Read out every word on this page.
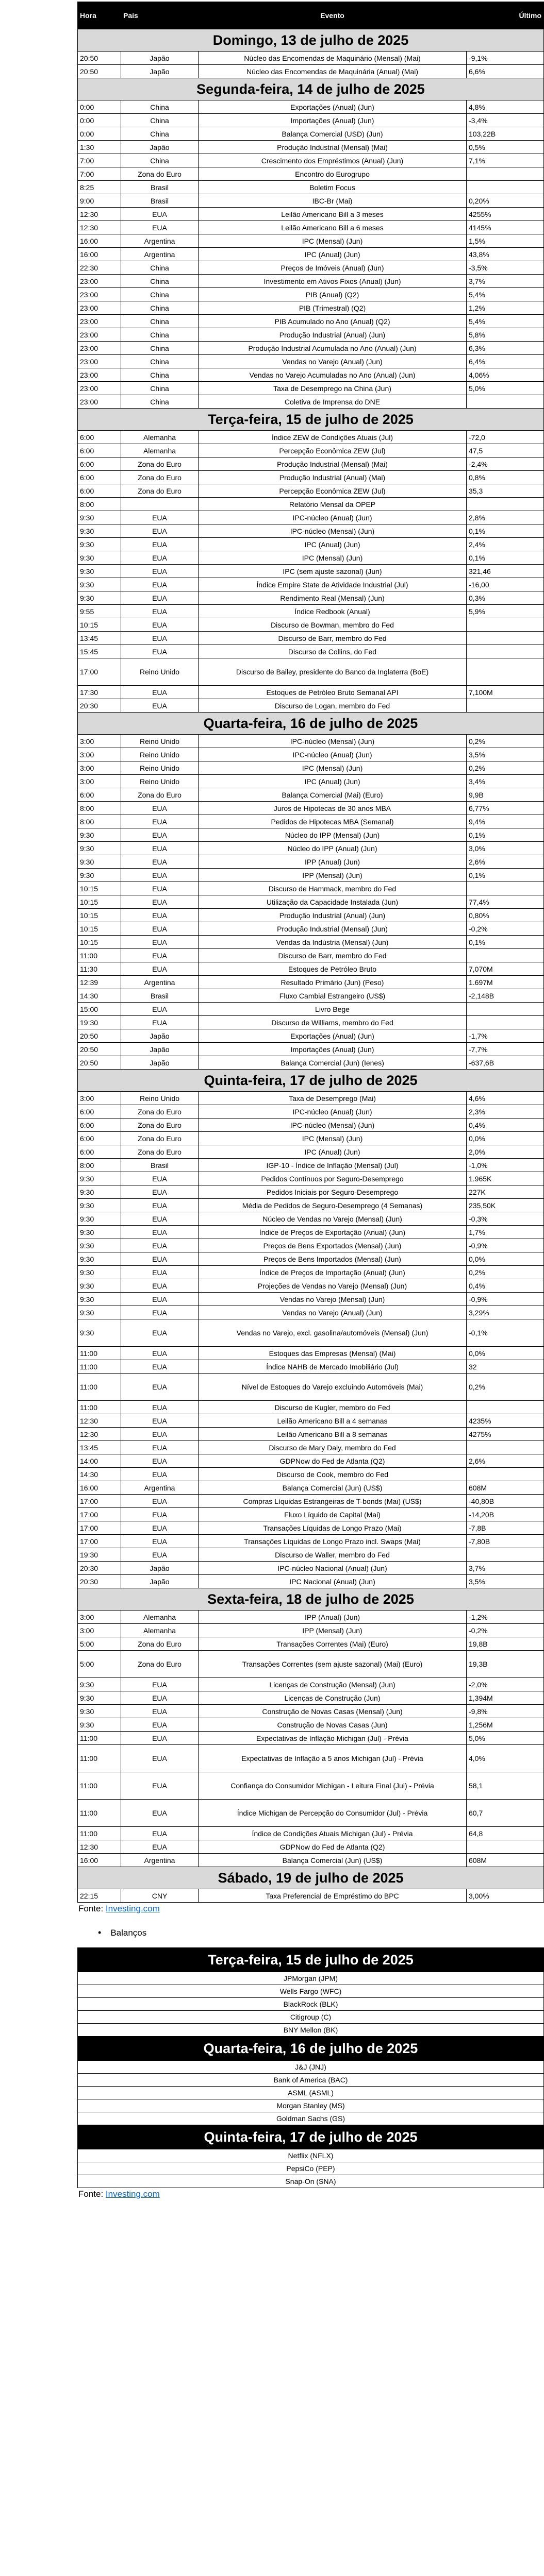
Hora	País	Evento	Último
Domingo, 13 de julho de 2025			
20:50	Japão	Núcleo das Encomendas de Maquinário (Mensal) (Mai)	-9,1%
20:50	Japão	Núcleo das Encomendas de Maquinária (Anual) (Mai)	6,6%
Segunda-feira, 14 de julho de 2025			
0:00	China	Exportações (Anual) (Jun)	4,8%
0:00	China	Importações (Anual) (Jun)	-3,4%
0:00	China	Balança Comercial (USD) (Jun)	103,22B
1:30	Japão	Produção Industrial (Mensal) (Mai)	0,5%
7:00	China	Crescimento dos Empréstimos (Anual) (Jun)	7,1%
7:00	Zona do Euro	Encontro do Eurogrupo	
8:25	Brasil	Boletim Focus	
9:00	Brasil	IBC-Br (Mai)	0,20%
12:30	EUA	Leilão Americano Bill a 3 meses	4255%
12:30	EUA	Leilão Americano Bill a 6 meses	4145%
16:00	Argentina	IPC (Mensal) (Jun)	1,5%
16:00	Argentina	IPC (Anual) (Jun)	43,8%
22:30	China	Preços de Imóveis (Anual) (Jun)	-3,5%
23:00	China	Investimento em Ativos Fixos (Anual) (Jun)	3,7%
23:00	China	PIB (Anual) (Q2)	5,4%
23:00	China	PIB (Trimestral) (Q2)	1,2%
23:00	China	PIB Acumulado no Ano (Anual) (Q2)	5,4%
23:00	China	Produção Industrial (Anual) (Jun)	5,8%
23:00	China	Produção Industrial Acumulada no Ano (Anual) (Jun)	6,3%
23:00	China	Vendas no Varejo (Anual) (Jun)	6,4%
23:00	China	Vendas no Varejo Acumuladas no Ano (Anual) (Jun)	4,06%
23:00	China	Taxa de Desemprego na China (Jun)	5,0%
23:00	China	Coletiva de Imprensa do DNE	
Terça-feira, 15 de julho de 2025			
6:00	Alemanha	Índice ZEW de Condições Atuais (Jul)	-72,0
6:00	Alemanha	Percepção Econômica ZEW (Jul)	47,5
6:00	Zona do Euro	Produção Industrial (Mensal) (Mai)	-2,4%
6:00	Zona do Euro	Produção Industrial (Anual) (Mai)	0,8%
6:00	Zona do Euro	Percepção Econômica ZEW (Jul)	35,3
8:00		Relatório Mensal da OPEP	
9:30	EUA	IPC-núcleo (Anual) (Jun)	2,8%
9:30	EUA	IPC-núcleo (Mensal) (Jun)	0,1%
9:30	EUA	IPC (Anual) (Jun)	2,4%
9:30	EUA	IPC (Mensal) (Jun)	0,1%
9:30	EUA	IPC (sem ajuste sazonal) (Jun)	321,46
9:30	EUA	Índice Empire State de Atividade Industrial (Jul)	-16,00
9:30	EUA	Rendimento Real (Mensal) (Jun)	0,3%
9:55	EUA	Índice Redbook (Anual)	5,9%
10:15	EUA	Discurso de Bowman, membro do Fed	
13:45	EUA	Discurso de Barr, membro do Fed	
15:45	EUA	Discurso de Collins, do Fed	
17:00	Reino Unido	Discurso de Bailey, presidente do Banco da Inglaterra (BoE)	
17:30	EUA	Estoques de Petróleo Bruto Semanal API	7,100M
20:30	EUA	Discurso de Logan, membro do Fed	
Quarta-feira, 16 de julho de 2025			
3:00	Reino Unido	IPC-núcleo (Mensal) (Jun)	0,2%
3:00	Reino Unido	IPC-núcleo (Anual) (Jun)	3,5%
3:00	Reino Unido	IPC (Mensal) (Jun)	0,2%
3:00	Reino Unido	IPC (Anual) (Jun)	3,4%
6:00	Zona do Euro	Balança Comercial (Mai) (Euro)	9,9B
8:00	EUA	Juros de Hipotecas de 30 anos MBA	6,77%
8:00	EUA	Pedidos de Hipotecas MBA (Semanal)	9,4%
9:30	EUA	Núcleo do IPP (Mensal) (Jun)	0,1%
9:30	EUA	Núcleo do IPP (Anual) (Jun)	3,0%
9:30	EUA	IPP (Anual) (Jun)	2,6%
9:30	EUA	IPP (Mensal) (Jun)	0,1%
10:15	EUA	Discurso de Hammack, membro do Fed	
10:15	EUA	Utilização da Capacidade Instalada (Jun)	77,4%
10:15	EUA	Produção Industrial (Anual) (Jun)	0,80%
10:15	EUA	Produção Industrial (Mensal) (Jun)	-0,2%
10:15	EUA	Vendas da Indústria (Mensal) (Jun)	0,1%
11:00	EUA	Discurso de Barr, membro do Fed	
11:30	EUA	Estoques de Petróleo Bruto	7,070M
12:39	Argentina	Resultado Primário (Jun) (Peso)	1.697M
14:30	Brasil	Fluxo Cambial Estrangeiro (US$)	-2,148B
15:00	EUA	Livro Bege	
19:30	EUA	Discurso de Williams, membro do Fed	
20:50	Japão	Exportações (Anual) (Jun)	-1,7%
20:50	Japão	Importações (Anual) (Jun)	-7,7%
20:50	Japão	Balança Comercial (Jun) (Ienes)	-637,6B
Quinta-feira, 17 de julho de 2025			
3:00	Reino Unido	Taxa de Desemprego (Mai)	4,6%
6:00	Zona do Euro	IPC-núcleo (Anual) (Jun)	2,3%
6:00	Zona do Euro	IPC-núcleo (Mensal) (Jun)	0,4%
6:00	Zona do Euro	IPC (Mensal) (Jun)	0,0%
6:00	Zona do Euro	IPC (Anual) (Jun)	2,0%
8:00	Brasil	IGP-10 - Índice de Inflação (Mensal) (Jul)	-1,0%
9:30	EUA	Pedidos Contínuos por Seguro-Desemprego	1.965K
9:30	EUA	Pedidos Iniciais por Seguro-Desemprego	227K
9:30	EUA	Média de Pedidos de Seguro-Desemprego (4 Semanas)	235,50K
9:30	EUA	Núcleo de Vendas no Varejo (Mensal) (Jun)	-0,3%
9:30	EUA	Índice de Preços de Exportação (Anual) (Jun)	1,7%
9:30	EUA	Preços de Bens Exportados (Mensal) (Jun)	-0,9%
9:30	EUA	Preços de Bens Importados (Mensal) (Jun)	0,0%
9:30	EUA	Índice de Preços de Importação (Anual) (Jun)	0,2%
9:30	EUA	Projeções de Vendas no Varejo (Mensal) (Jun)	0,4%
9:30	EUA	Vendas no Varejo (Mensal) (Jun)	-0,9%
9:30	EUA	Vendas no Varejo (Anual) (Jun)	3,29%
9:30	EUA	Vendas no Varejo, excl. gasolina/automóveis (Mensal) (Jun)	-0,1%
11:00	EUA	Estoques das Empresas (Mensal) (Mai)	0,0%
11:00	EUA	Índice NAHB de Mercado Imobiliário (Jul)	32
11:00	EUA	Nível de Estoques do Varejo excluindo Automóveis (Mai)	0,2%
11:00	EUA	Discurso de Kugler, membro do Fed	
12:30	EUA	Leilão Americano Bill a 4 semanas	4235%
12:30	EUA	Leilão Americano Bill a 8 semanas	4275%
13:45	EUA	Discurso de Mary Daly, membro do Fed	
14:00	EUA	GDPNow do Fed de Atlanta (Q2)	2,6%
14:30	EUA	Discurso de Cook, membro do Fed	
16:00	Argentina	Balança Comercial (Jun) (US$)	608M
17:00	EUA	Compras Líquidas Estrangeiras de T-bonds (Mai) (US$)	-40,80B
17:00	EUA	Fluxo Líquido de Capital (Mai)	-14,20B
17:00	EUA	Transações Líquidas de Longo Prazo (Mai)	-7,8B
17:00	EUA	Transações Líquidas de Longo Prazo incl. Swaps (Mai)	-7,80B
19:30	EUA	Discurso de Waller, membro do Fed	
20:30	Japão	IPC-núcleo Nacional (Anual) (Jun)	3,7%
20:30	Japão	IPC Nacional (Anual) (Jun)	3,5%
Sexta-feira, 18 de julho de 2025			
3:00	Alemanha	IPP (Anual) (Jun)	-1,2%
3:00	Alemanha	IPP (Mensal) (Jun)	-0,2%
5:00	Zona do Euro	Transações Correntes (Mai) (Euro)	19,8B
5:00	Zona do Euro	Transações Correntes (sem ajuste sazonal) (Mai) (Euro)	19,3B
9:30	EUA	Licenças de Construção (Mensal) (Jun)	-2,0%
9:30	EUA	Licenças de Construção (Jun)	1,394M
9:30	EUA	Construção de Novas Casas (Mensal) (Jun)	-9,8%
9:30	EUA	Construção de Novas Casas (Jun)	1,256M
11:00	EUA	Expectativas de Inflação Michigan (Jul) - Prévia	5,0%
11:00	EUA	Expectativas de Inflação a 5 anos Michigan (Jul) - Prévia	4,0%
11:00	EUA	Confiança do Consumidor Michigan - Leitura Final (Jul) - Prévia	58,1
11:00	EUA	Índice Michigan de Percepção do Consumidor (Jul) - Prévia	60,7
11:00	EUA	Índice de Condições Atuais Michigan (Jul) - Prévia	64,8
12:30	EUA	GDPNow do Fed de Atlanta (Q2)	
16:00	Argentina	Balança Comercial (Jun) (US$)	608M
Sábado, 19 de julho de 2025			
22:15	CNY	Taxa Preferencial de Empréstimo do BPC	3,00%
Fonte: Investing.com
• Balanços
Terça-feira, 15 de julho de 2025
JPMorgan (JPM)
Wells Fargo (WFC)
BlackRock (BLK)
Citigroup (C)
BNY Mellon (BK)
Quarta-feira, 16 de julho de 2025
J&J (JNJ)
Bank of America (BAC)
ASML (ASML)
Morgan Stanley (MS)
Goldman Sachs (GS)
Quinta-feira, 17 de julho de 2025
Netflix (NFLX)
PepsiCo (PEP)
Snap-On (SNA)
Fonte: Investing.com
